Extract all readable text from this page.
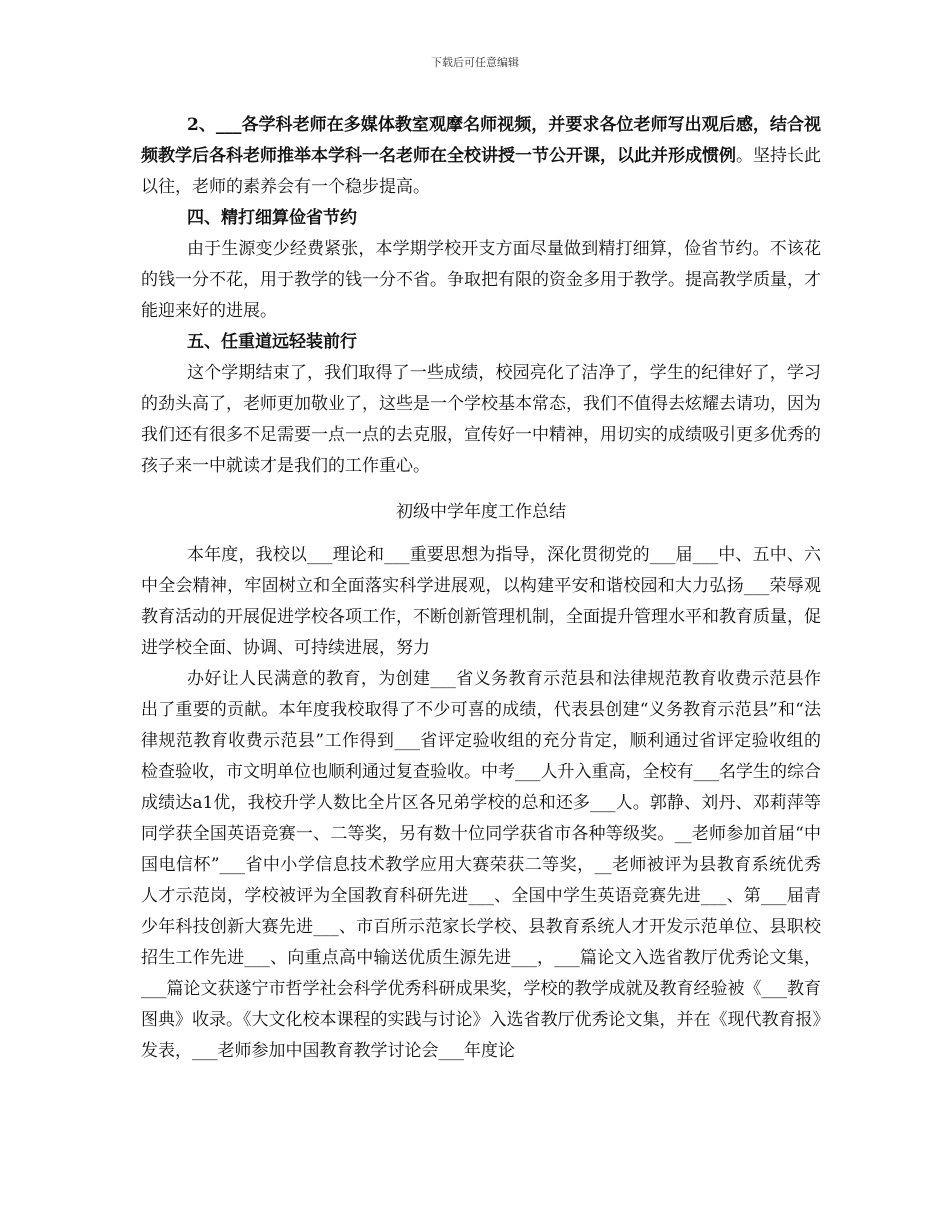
下载后可任意编辑

2、___各学科老师在多媒体教室观摩名师视频，并要求各位老师写出观后感，结合视频教学后各科老师推举本学科一名老师在全校讲授一节公开课，以此并形成惯例。坚持长此以往，老师的素养会有一个稳步提高。

四、精打细算俭省节约

由于生源变少经费紧张，本学期学校开支方面尽量做到精打细算，俭省节约。不该花的钱一分不花，用于教学的钱一分不省。争取把有限的资金多用于教学。提高教学质量，才能迎来好的进展。

五、任重道远轻装前行

这个学期结束了，我们取得了一些成绩，校园亮化了洁净了，学生的纪律好了，学习的劲头高了，老师更加敬业了，这些是一个学校基本常态，我们不值得去炫耀去请功，因为我们还有很多不足需要一点一点的去克服，宣传好一中精神，用切实的成绩吸引更多优秀的孩子来一中就读才是我们的工作重心。

初级中学年度工作总结

本年度，我校以___理论和___重要思想为指导，深化贯彻党的___届___中、五中、六中全会精神，牢固树立和全面落实科学进展观，以构建平安和谐校园和大力弘扬___荣辱观教育活动的开展促进学校各项工作，不断创新管理机制，全面提升管理水平和教育质量，促进学校全面、协调、可持续进展，努力

办好让人民满意的教育，为创建___省义务教育示范县和法律规范教育收费示范县作出了重要的贡献。本年度我校取得了不少可喜的成绩，代表县创建“义务教育示范县”和“法律规范教育收费示范县”工作得到___省评定验收组的充分肯定，顺利通过省评定验收组的检查验收，市文明单位也顺利通过复查验收。中考___人升入重高，全校有___名学生的综合成绩达a1优，我校升学人数比全片区各兄弟学校的总和还多___人。郭静、刘丹、邓莉萍等同学获全国英语竞赛一、二等奖，另有数十位同学获省市各种等级奖。__老师参加首届“中国电信杯”___省中小学信息技术教学应用大赛荣获二等奖，__老师被评为县教育系统优秀人才示范岗，学校被评为全国教育科研先进___、全国中学生英语竞赛先进___、第___届青少年科技创新大赛先进___、市百所示范家长学校、县教育系统人才开发示范单位、县职校招生工作先进___、向重点高中输送优质生源先进___，___篇论文入选省教厅优秀论文集，___篇论文获遂宁市哲学社会科学优秀科研成果奖，学校的教学成就及教育经验被《___教育图典》收录。《大文化校本课程的实践与讨论》入选省教厅优秀论文集，并在《现代教育报》发表，___老师参加中国教育教学讨论会___年度论
